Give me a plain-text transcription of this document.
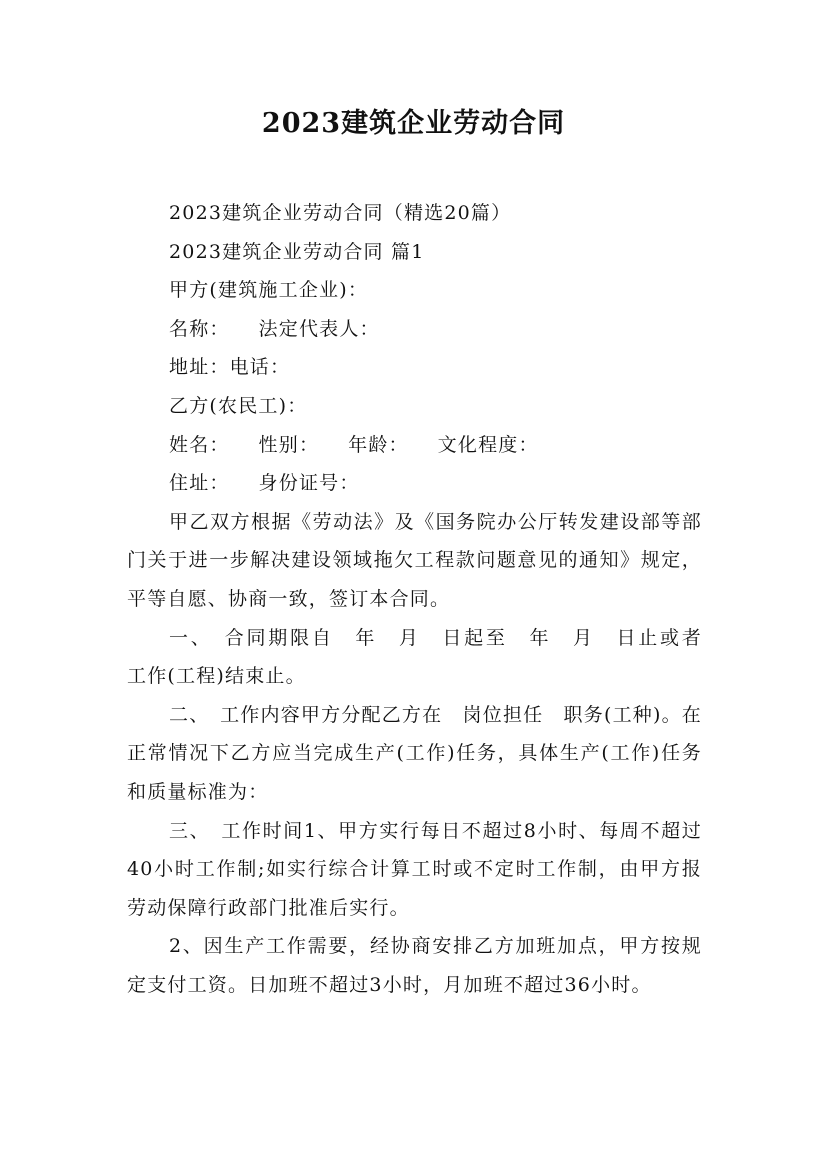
2023建筑企业劳动合同

2023建筑企业劳动合同（精选20篇）

2023建筑企业劳动合同 篇1

甲方(建筑施工企业)：

名称：    法定代表人：

地址：电话：

乙方(农民工)：

姓名：    性别：    年龄：    文化程度：

住址：    身份证号：

甲乙双方根据《劳动法》及《国务院办公厅转发建设部等部门关于进一步解决建设领域拖欠工程款问题意见的通知》规定，平等自愿、协商一致，签订本合同。

一、　合同期限自　年　月　日起至　年　月　日止或者　工作(工程)结束止。

二、　工作内容甲方分配乙方在　岗位担任　职务(工种)。在正常情况下乙方应当完成生产(工作)任务，具体生产(工作)任务和质量标准为：

三、　工作时间1、甲方实行每日不超过8小时、每周不超过40小时工作制;如实行综合计算工时或不定时工作制，由甲方报劳动保障行政部门批准后实行。

2、因生产工作需要，经协商安排乙方加班加点，甲方按规定支付工资。日加班不超过3小时，月加班不超过36小时。
